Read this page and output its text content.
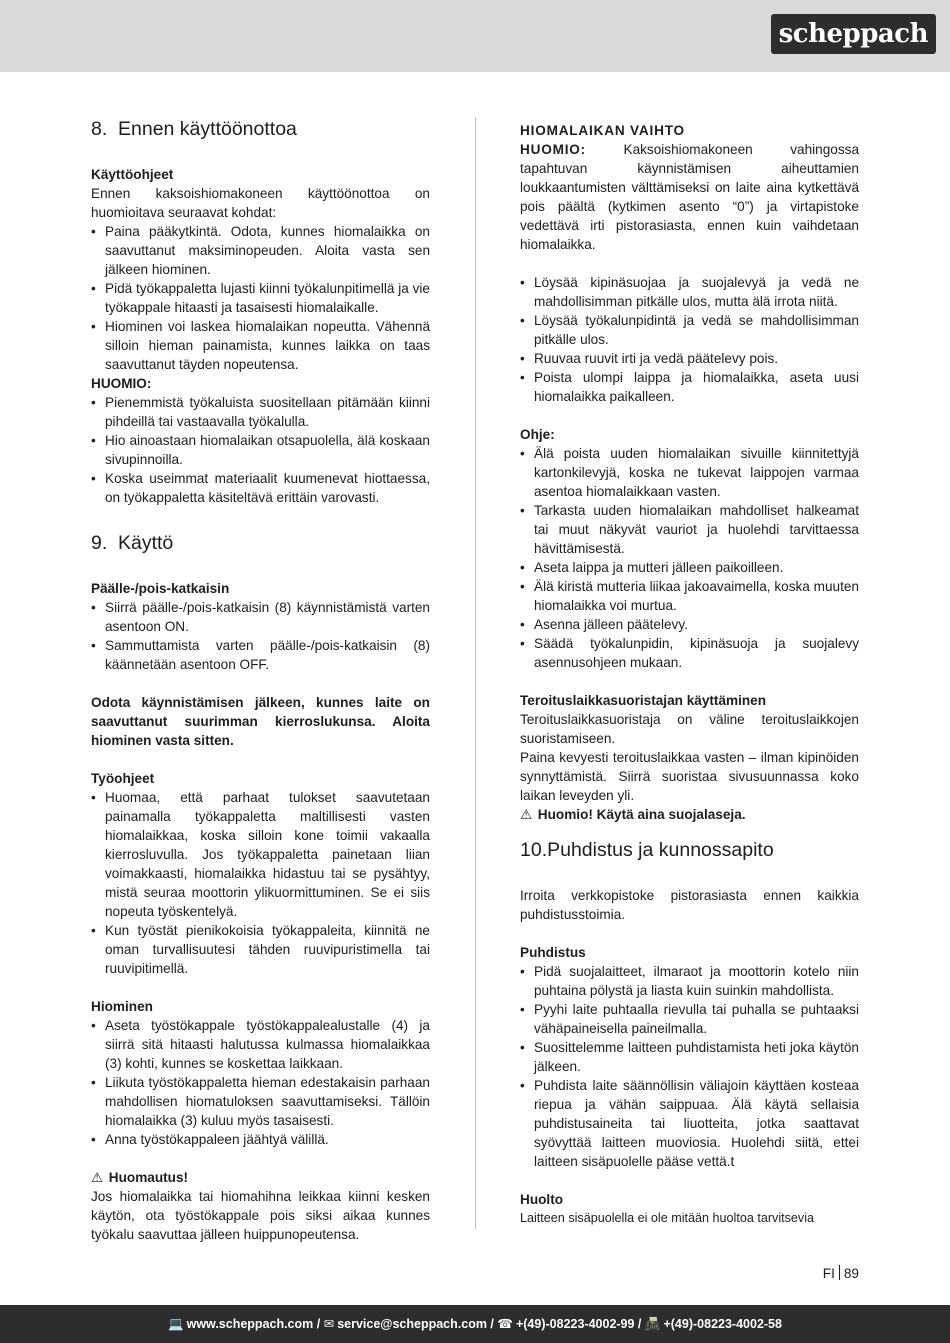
scheppach
8. Ennen käyttöönottoa
Käyttöohjeet

Ennen kaksoishiomakoneen käyttöönottoa on huomioitava seuraavat kohdat:

• Paina pääkytkintä. Odota, kunnes hiomalaikka on saavuttanut maksiminopeuden. Aloita vasta sen jälkeen hiominen.
• Pidä työkappaletta lujasti kiinni työkalunpitimellä ja vie työkappale hitaasti ja tasaisesti hiomalaikalle.
• Hiominen voi laskea hiomalaikan nopeutta. Vähennä silloin hieman painamista, kunnes laikka on taas saavuttanut täyden nopeutensa.
HUOMIO:
• Pienemmistä työkaluista suositellaan pitämään kiinni pihdeillä tai vastaavalla työkalulla.
• Hio ainoastaan hiomalaikan otsapuolella, älä koskaan sivupinnoilla.
• Koska useimmat materiaalit kuumenevat hiottaessa, on työkappaletta käsiteltävä erittäin varovasti.
9. Käyttö
Päälle-/pois-katkaisin
• Siirrä päälle-/pois-katkaisin (8) käynnistämistä varten asentoon ON.
• Sammuttamista varten päälle-/pois-katkaisin (8) käännetään asentoon OFF.

Odota käynnistämisen jälkeen, kunnes laite on saavuttanut suurimman kierroslukunsa. Aloita hiominen vasta sitten.

Työohjeet
• Huomaa, että parhaat tulokset saavutetaan painamalla työkappaletta maltillisesti vasten hiomalaikkaa, koska silloin kone toimii vakaalla kierrosluvulla. Jos työkappaletta painetaan liian voimakkaasti, hiomalaikka hidastuu tai se pysähtyy, mistä seuraa moottorin ylikuormittuminen. Se ei siis nopeuta työskentelyä.
• Kun työstät pienikokoisia työkappaleita, kiinnitä ne oman turvallisuutesi tähden ruuvipuristimella tai ruuvipitimellä.
Hiominen
• Aseta työstökappale työstökappalealustalle (4) ja siirrä sitä hitaasti halutussa kulmassa hiomalaikkaa (3) kohti, kunnes se koskettaa laikkaan.
• Liikuta työstökappaletta hieman edestakaisin parhaan mahdollisen hiomatuloksen saavuttamiseksi. Tällöin hiomalaikka (3) kuluu myös tasaisesti.
• Anna työstökappaleen jäähtyä välillä.
⚠ Huomautus!

Jos hiomalaikka tai hiomahihna leikkaa kiinni kesken käytön, ota työstökappale pois siksi aikaa kunnes työkalu saavuttaa jälleen huippunopeutensa.

HIOMALAIKAN VAIHTO

HUOMIO: Kaksoishiomakoneen vahingossa tapahtuvan käynnistämisen aiheuttamien loukkaantumisten välttämiseksi on laite aina kytkettävä pois päältä (kytkimen asento “0”) ja virtapistoke vedettävä irti pistorasiasta, ennen kuin vaihdetaan hiomalaikka.

• Löysää kipinäsuojaa ja suojalevyä ja vedä ne mahdollisimman pitkälle ulos, mutta älä irrota niitä.
• Löysää työkalunpidintä ja vedä se mahdollisimman pitkälle ulos.
• Ruuvaa ruuvit irti ja vedä päätelevy pois.
• Poista ulompi laippa ja hiomalaikka, aseta uusi hiomalaikka paikalleen.
Ohje:
• Älä poista uuden hiomalaikan sivuille kiinnitettyjä kartonkilevyjä, koska ne tukevat laippojen varmaa asentoa hiomalaikkaan vasten.
• Tarkasta uuden hiomalaikan mahdolliset halkeamat tai muut näkyvät vauriot ja huolehdi tarvittaessa hävittämisestä.
• Aseta laippa ja mutteri jälleen paikoilleen.
• Älä kiristä mutteria liikaa jakoavaimella, koska muuten hiomalaikka voi murtua.
• Asenna jälleen päätelevy.
• Säädä työkalunpidin, kipinäsuoja ja suojalevy asennusohjeen mukaan.
Teroituslaikkasuoristajan käyttäminen

Teroituslaikkasuoristaja on väline teroituslaikkojen suoristamiseen.

Paina kevyesti teroituslaikkaa vasten – ilman kipinöiden synnyttämistä. Siirrä suoristaa sivusuunnassa koko laikan leveyden yli.

⚠ Huomio! Käytä aina suojalaseja.

10. Puhdistus ja kunnossapito

Irroita verkkopistoke pistorasiasta ennen kaikkia puhdistusstoimia.

Puhdistus
• Pidä suojalaitteet, ilmaraot ja moottorin kotelo niin puhtaina pölystä ja liasta kuin suinkin mahdollista.
• Pyyhi laite puhtaalla rievulla tai puhalla se puhtaaksi vähäpaineisella paineilmalla.
• Suosittelemme laitteen puhdistamista heti joka käytön jälkeen.
• Puhdista laite säännöllisin väliajoin käyttäen kosteaa riepua ja vähän saippuaa. Älä käytä sellaisia puhdistusaineita tai liuotteita, jotka saattavat syövyttää laitteen muoviosia. Huolehdi siitä, ettei laitteen sisäpuolelle pääse vettä.t
Huolto

Laitteen sisäpuolella ei ole mitään huoltoa tarvitsevia

FI 89
💻 www.scheppach.com / ✉ service@scheppach.com / ☎ +(49)-08223-4002-99 / 📠 +(49)-08223-4002-58
